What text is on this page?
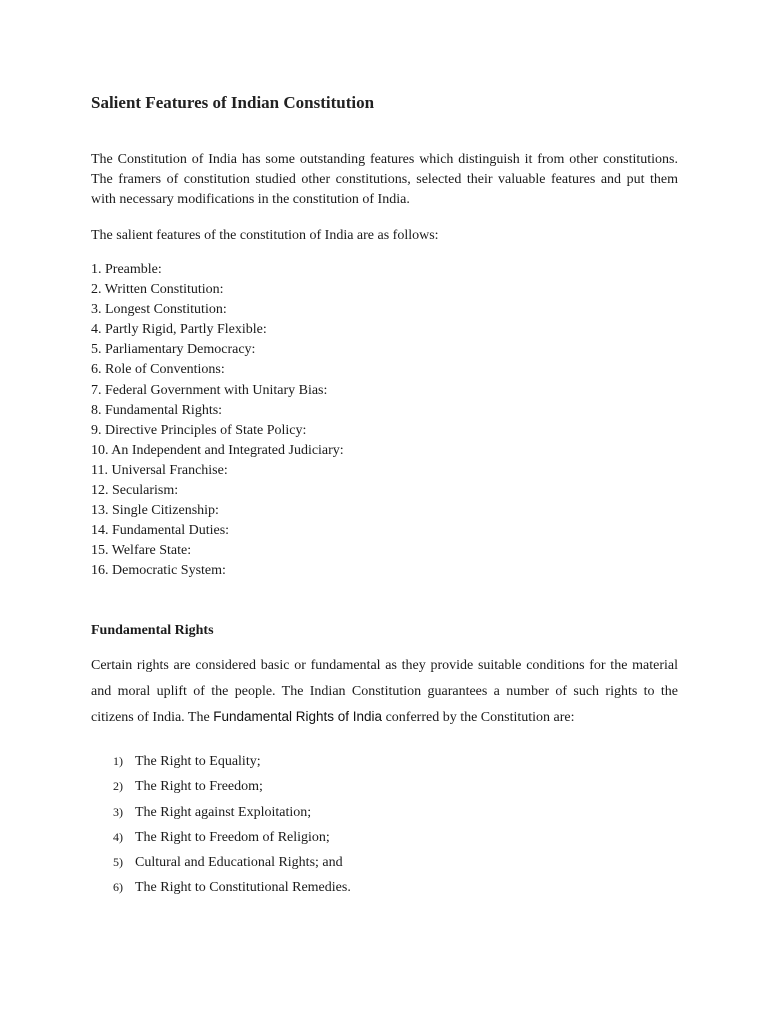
Salient Features of Indian Constitution

The Constitution of India has some outstanding features which distinguish it from other constitutions. The framers of constitution studied other constitutions, selected their valuable features and put them with necessary modifications in the constitution of India.

The salient features of the constitution of India are as follows:

1. Preamble:
2. Written Constitution:
3. Longest Constitution:
4. Partly Rigid, Partly Flexible:
5. Parliamentary Democracy:
6. Role of Conventions:
7. Federal Government with Unitary Bias:
8. Fundamental Rights:
9. Directive Principles of State Policy:
10. An Independent and Integrated Judiciary:
11. Universal Franchise:
12. Secularism:
13. Single Citizenship:
14. Fundamental Duties:
15. Welfare State:
16. Democratic System:
Fundamental Rights

Certain rights are considered basic or fundamental as they provide suitable conditions for the material and moral uplift of the people. The Indian Constitution guarantees a number of such rights to the citizens of India. The Fundamental Rights of India conferred by the Constitution are:

1) The Right to Equality;
2) The Right to Freedom;
3) The Right against Exploitation;
4) The Right to Freedom of Religion;
5) Cultural and Educational Rights; and
6) The Right to Constitutional Remedies.
